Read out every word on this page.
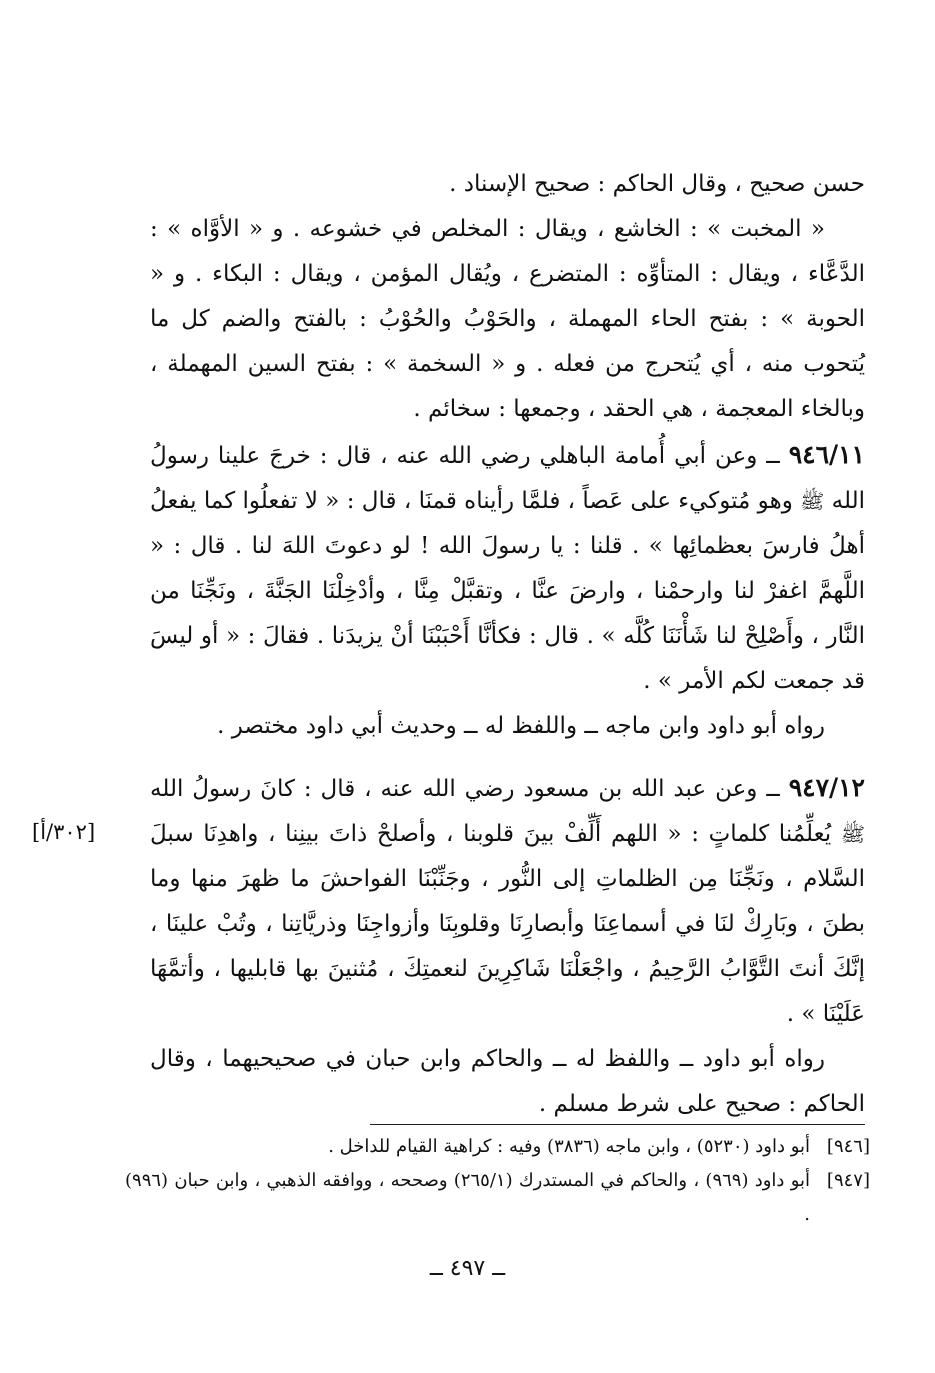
حسن صحيح ، وقال الحاكم : صحيح الإسناد .

« المخبت » : الخاشع ، ويقال : المخلص في خشوعه . و « الأوَّاه » : الدَّعَّاء ، ويقال : المتأوِّه : المتضرع ، ويُقال المؤمن ، ويقال : البكاء . و « الحوبة » : بفتح الحاء المهملة ، والحَوْبُ والحُوْبُ : بالفتح والضم كل ما يُتحوب منه ، أي يُتحرج من فعله . و « السخمة » : بفتح السين المهملة ، وبالخاء المعجمة ، هي الحقد ، وجمعها : سخائم .

٩٤٦/١١ ــ وعن أبي أُمامة الباهلي رضي الله عنه ، قال : خرجَ علينا رسولُ الله ﷺ وهو مُتوكيء على عَصاً ، فلمَّا رأيناه قمنَا ، قال : « لا تفعلُوا كما يفعلُ أهلُ فارسَ بعظمائِها » . قلنا : يا رسولَ الله ! لو دعوتَ اللهَ لنا . قال : « اللَّهمَّ اغفرْ لنا وارحمْنا ، وارضَ عنَّا ، وتقبَّلْ مِنَّا ، وأدْخِلْنَا الجَنَّةَ ، ونَجِّنَا من النَّار ، وأَصْلِحْ لنا شَأْنَنَا كُلَّه » . قال : فكأنَّا أَحْبَبْنَا أنْ يزيدَنا . فقالَ : « أو ليسَ قد جمعت لكم الأمر » .

رواه أبو داود وابن ماجه ــ واللفظ له ــ وحديث أبي داود مختصر .

[٣٠٢/أ]

٩٤٧/١٢ ــ وعن عبد الله بن مسعود رضي الله عنه ، قال : كانَ رسولُ الله ﷺ يُعلِّمُنا كلماتٍ : « اللهم أَلِّفْ بينَ قلوبنا ، وأصلحْ ذاتَ بينِنا ، واهدِنَا سبلَ السَّلام ، ونَجِّنَا مِن الظلماتِ إلى النُّور ، وجَنِّبْنَا الفواحشَ ما ظهرَ منها وما بطنَ ، وبَارِكْ لنَا في أسماعِنَا وأبصارِنَا وقلوبِنَا وأزواجِنَا وذريَّاتِنا ، وتُبْ علينَا ، إنَّكَ أنتَ التَّوَّابُ الرَّحِيمُ ، واجْعَلْنَا شَاكِرِينَ لنعمتِكَ ، مُثنينَ بها قابليها ، وأتمَّهَا عَلَيْنَا » .

رواه أبو داود ــ واللفظ له ــ والحاكم وابن حبان في صحيحيهما ، وقال الحاكم : صحيح على شرط مسلم .

[٩٤٦]
أبو داود (٥٢٣٠) ، وابن ماجه (٣٨٣٦) وفيه : كراهية القيام للداخل .
[٩٤٧]
أبو داود (٩٦٩) ، والحاكم في المستدرك (٢٦٥/١) وصححه ، ووافقه الذهبي ، وابن حبان (٩٩٦) .
ــ ٤٩٧ ــ
